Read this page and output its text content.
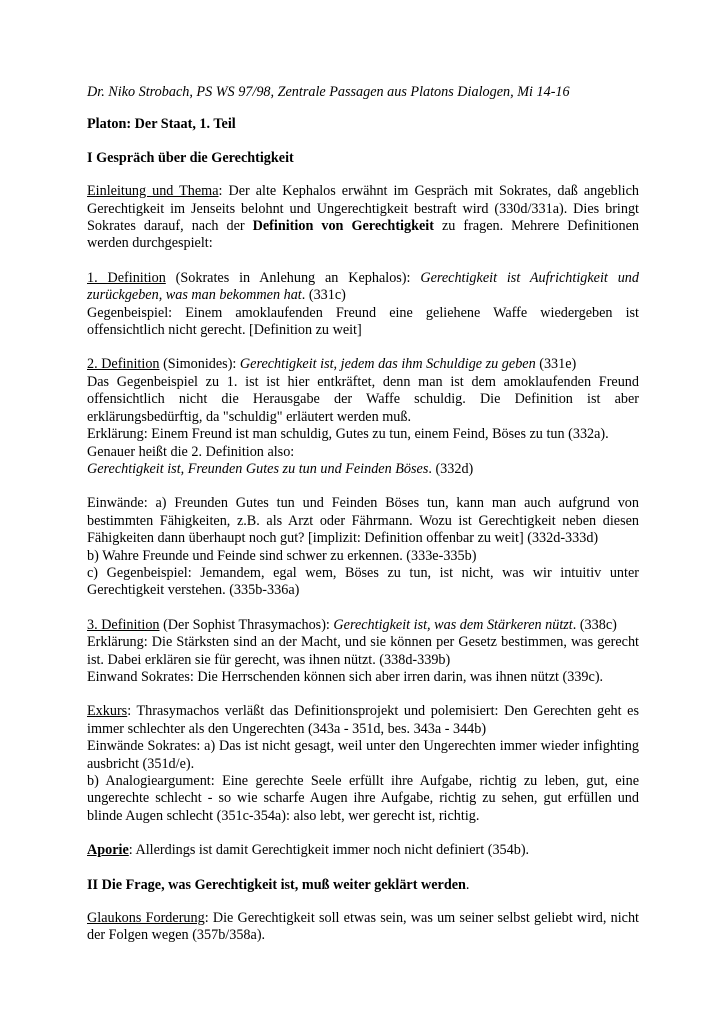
Dr. Niko Strobach, PS WS 97/98, Zentrale Passagen aus Platons Dialogen, Mi 14-16
Platon: Der Staat, 1. Teil
I Gespräch über die Gerechtigkeit
Einleitung und Thema: Der alte Kephalos erwähnt im Gespräch mit Sokrates, daß angeblich Gerechtigkeit im Jenseits belohnt und Ungerechtigkeit bestraft wird (330d/331a). Dies bringt Sokrates darauf, nach der Definition von Gerechtigkeit zu fragen. Mehrere Definitionen werden durchgespielt:
1. Definition (Sokrates in Anlehung an Kephalos): Gerechtigkeit ist Aufrichtigkeit und zurückgeben, was man bekommen hat. (331c)
Gegenbeispiel: Einem amoklaufenden Freund eine geliehene Waffe wiedergeben ist offensichtlich nicht gerecht. [Definition zu weit]
2. Definition (Simonides): Gerechtigkeit ist, jedem das ihm Schuldige zu geben (331e)
Das Gegenbeispiel zu 1. ist ist hier entkräftet, denn man ist dem amoklaufenden Freund offensichtlich nicht die Herausgabe der Waffe schuldig. Die Definition ist aber erklärungsbedürftig, da "schuldig" erläutert werden muß.
Erklärung: Einem Freund ist man schuldig, Gutes zu tun, einem Feind, Böses zu tun (332a).
Genauer heißt die 2. Definition also:
Gerechtigkeit ist, Freunden Gutes zu tun und Feinden Böses. (332d)
Einwände: a) Freunden Gutes tun und Feinden Böses tun, kann man auch aufgrund von bestimmten Fähigkeiten, z.B. als Arzt oder Fährmann. Wozu ist Gerechtigkeit neben diesen Fähigkeiten dann überhaupt noch gut? [implizit: Definition offenbar zu weit] (332d-333d)
b) Wahre Freunde und Feinde sind schwer zu erkennen. (333e-335b)
c) Gegenbeispiel: Jemandem, egal wem, Böses zu tun, ist nicht, was wir intuitiv unter Gerechtigkeit verstehen. (335b-336a)
3. Definition (Der Sophist Thrasymachos): Gerechtigkeit ist, was dem Stärkeren nützt. (338c)
Erklärung: Die Stärksten sind an der Macht, und sie können per Gesetz bestimmen, was gerecht ist. Dabei erklären sie für gerecht, was ihnen nützt. (338d-339b)
Einwand Sokrates: Die Herrschenden können sich aber irren darin, was ihnen nützt (339c).
Exkurs: Thrasymachos verläßt das Definitionsprojekt und polemisiert: Den Gerechten geht es immer schlechter als den Ungerechten (343a - 351d, bes. 343a - 344b)
Einwände Sokrates: a) Das ist nicht gesagt, weil unter den Ungerechten immer wieder infighting ausbricht (351d/e).
b) Analogieargument: Eine gerechte Seele erfüllt ihre Aufgabe, richtig zu leben, gut, eine ungerechte schlecht - so wie scharfe Augen ihre Aufgabe, richtig zu sehen, gut erfüllen und blinde Augen schlecht (351c-354a): also lebt, wer gerecht ist, richtig.
Aporie: Allerdings ist damit Gerechtigkeit immer noch nicht definiert (354b).
II Die Frage, was Gerechtigkeit ist, muß weiter geklärt werden.
Glaukons Forderung: Die Gerechtigkeit soll etwas sein, was um seiner selbst geliebt wird, nicht der Folgen wegen (357b/358a).
